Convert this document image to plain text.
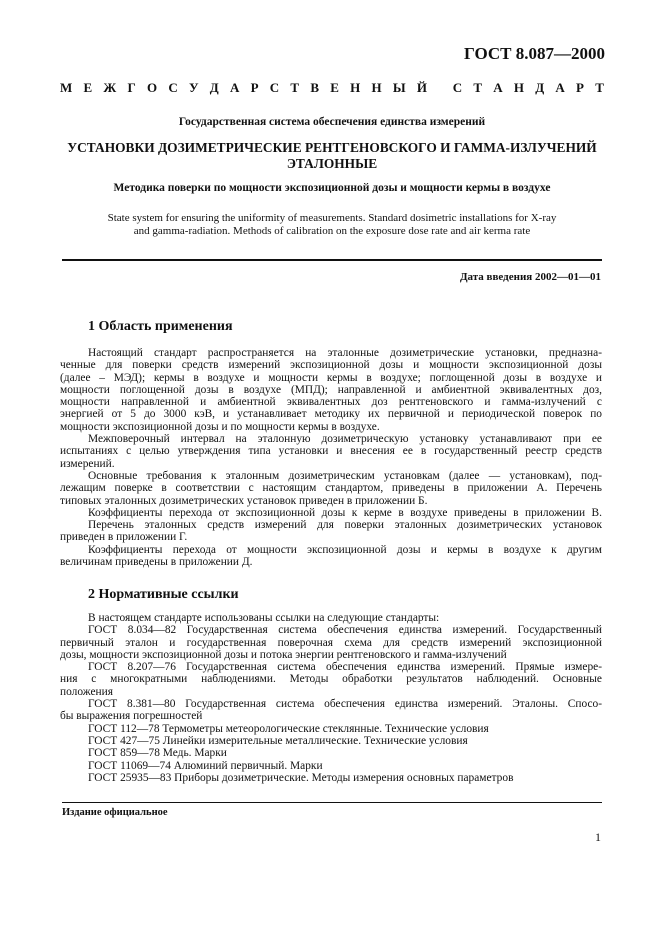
ГОСТ 8.087—2000
М Е Ж Г О С У Д А Р С Т В Е Н Н Ы Й
С Т А Н Д А Р Т
Государственная система обеспечения единства измерений
УСТАНОВКИ ДОЗИМЕТРИЧЕСКИЕ РЕНТГЕНОВСКОГО И ГАММА-ИЗЛУЧЕНИЙ
ЭТАЛОННЫЕ
Методика поверки по мощности экспозиционной дозы и мощности кермы в воздухе
State system for ensuring the uniformity of measurements. Standard dosimetric installations for X-ray
and gamma-radiation. Methods of calibration on the exposure dose rate and air kerma rate
Дата введения 2002—01—01
1 Область применения
Настоящий стандарт распространяется на эталонные дозиметрические установки, предназна-
ченные для поверки средств измерений экспозиционной дозы и мощности экспозиционной дозы
(далее – МЭД); кермы в воздухе и мощности кермы в воздухе; поглощенной дозы в воздухе и
мощности поглощенной дозы в воздухе (МПД); направленной и амбиентной эквивалентных доз,
мощности направленной и амбиентной эквивалентных доз рентгеновского и гамма-излучений с
энергией от 5 до 3000 кэВ, и устанавливает методику их первичной и периодической поверок по
мощности экспозиционной дозы и по мощности кермы в воздухе.
Межповерочный интервал на эталонную дозиметрическую установку устанавливают при ее
испытаниях с целью утверждения типа установки и внесения ее в государственный реестр средств
измерений.
Основные требования к эталонным дозиметрическим установкам (далее — установкам), под-
лежащим поверке в соответствии с настоящим стандартом, приведены в приложении А. Перечень
типовых эталонных дозиметрических установок приведен в приложении Б.
Коэффициенты перехода от экспозиционной дозы к керме в воздухе приведены в приложении В.
Перечень эталонных средств измерений для поверки эталонных дозиметрических установок
приведен в приложении Г.
Коэффициенты перехода от мощности экспозиционной дозы и кермы в воздухе к другим
величинам приведены в приложении Д.
2 Нормативные ссылки
В настоящем стандарте использованы ссылки на следующие стандарты:
ГОСТ 8.034—82 Государственная система обеспечения единства измерений. Государственный
первичный эталон и государственная поверочная схема для средств измерений экспозиционной
дозы, мощности экспозиционной дозы и потока энергии рентгеновского и гамма-излучений
ГОСТ 8.207—76 Государственная система обеспечения единства измерений. Прямые измере-
ния с многократными наблюдениями. Методы обработки результатов наблюдений. Основные
положения
ГОСТ 8.381—80 Государственная система обеспечения единства измерений. Эталоны. Спосо-
бы выражения погрешностей
ГОСТ 112—78 Термометры метеорологические стеклянные. Технические условия
ГОСТ 427—75 Линейки измерительные металлические. Технические условия
ГОСТ 859—78 Медь. Марки
ГОСТ 11069—74 Алюминий первичный. Марки
ГОСТ 25935—83 Приборы дозиметрические. Методы измерения основных параметров
Издание официальное
1
